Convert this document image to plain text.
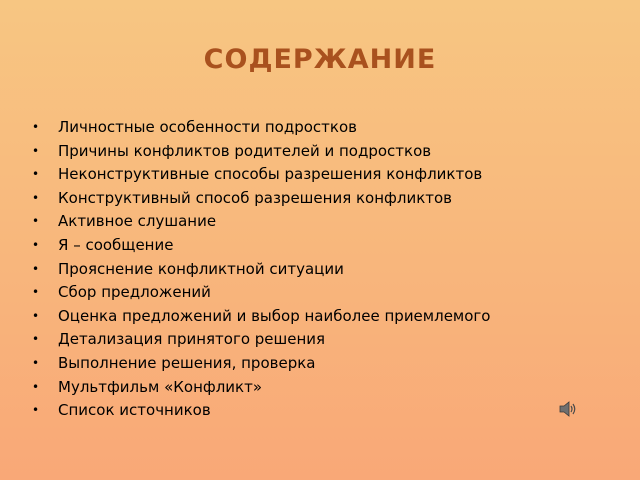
СОДЕРЖАНИЕ
• Личностные особенности подростков
• Причины конфликтов родителей и подростков
• Неконструктивные способы разрешения конфликтов
• Конструктивный способ разрешения конфликтов
• Активное слушание
• Я – сообщение
• Прояснение конфликтной ситуации
• Сбор предложений
• Оценка предложений и выбор наиболее приемлемого
• Детализация принятого решения
• Выполнение решения, проверка
• Мультфильм «Конфликт»
• Список источников
